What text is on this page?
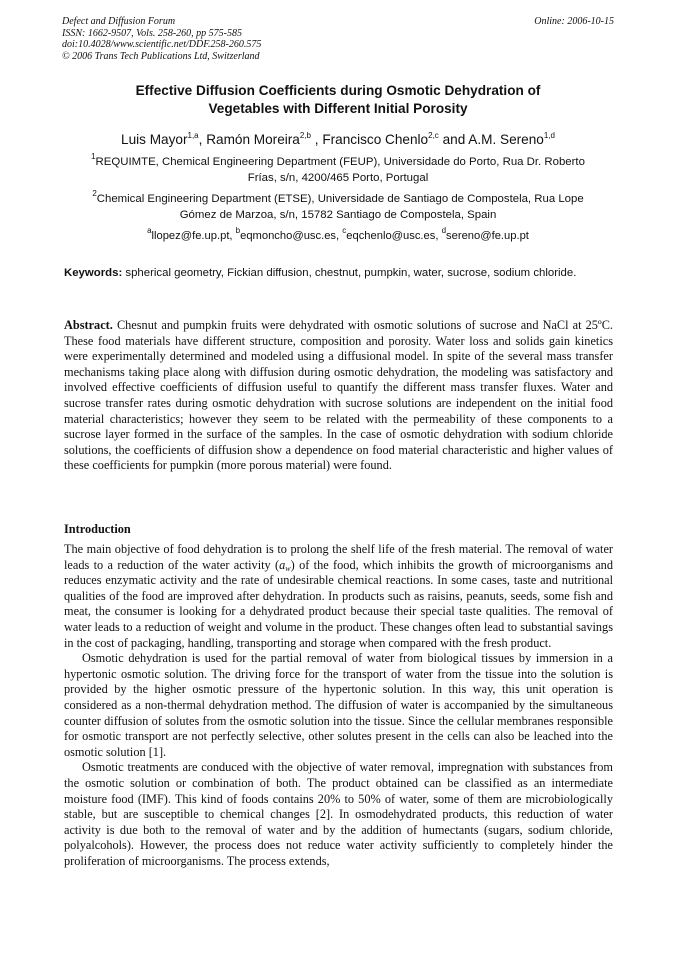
Defect and Diffusion Forum
ISSN: 1662-9507, Vols. 258-260, pp 575-585
doi:10.4028/www.scientific.net/DDF.258-260.575
© 2006 Trans Tech Publications Ltd, Switzerland
Online: 2006-10-15
Effective Diffusion Coefficients during Osmotic Dehydration of
Vegetables with Different Initial Porosity
Luis Mayor$^{1,a}$, Ramón Moreira$^{2,b}$ , Francisco Chenlo$^{2,c}$ and A.M. Sereno$^{1,d}$
$^1$REQUIMTE, Chemical Engineering Department (FEUP), Universidade do Porto, Rua Dr. Roberto
Frías, s/n, 4200/465 Porto, Portugal
$^2$Chemical Engineering Department (ETSE), Universidade de Santiago de Compostela, Rua Lope
Gómez de Marzoa, s/n, 15782 Santiago de Compostela, Spain
$^a$llopez@fe.up.pt, $^b$eqmoncho@usc.es, $^c$eqchenlo@usc.es, $^d$sereno@fe.up.pt
Keywords: spherical geometry, Fickian diffusion, chestnut, pumpkin, water, sucrose, sodium chloride.
Abstract. Chesnut and pumpkin fruits were dehydrated with osmotic solutions of sucrose and NaCl at 25ºC. These food materials have different structure, composition and porosity. Water loss and solids gain kinetics were experimentally determined and modeled using a diffusional model. In spite of the several mass transfer mechanisms taking place along with diffusion during osmotic dehydration, the modeling was satisfactory and involved effective coefficients of diffusion useful to quantify the different mass transfer fluxes. Water and sucrose transfer rates during osmotic dehydration with sucrose solutions are independent on the initial food material characteristics; however they seem to be related with the permeability of these components to a sucrose layer formed in the surface of the samples. In the case of osmotic dehydration with sodium chloride solutions, the coefficients of diffusion show a dependence on food material characteristic and higher values of these coefficients for pumpkin (more porous material) were found.
Introduction

The main objective of food dehydration is to prolong the shelf life of the fresh material. The removal of water leads to a reduction of the water activity $(a_w)$ of the food, which inhibits the growth of microorganisms and reduces enzymatic activity and the rate of undesirable chemical reactions. In some cases, taste and nutritional qualities of the food are improved after dehydration. In products such as raisins, peanuts, seeds, some fish and meat, the consumer is looking for a dehydrated product because their special taste qualities. The removal of water leads to a reduction of weight and volume in the product. These changes often lead to substantial savings in the cost of packaging, handling, transporting and storage when compared with the fresh product.

Osmotic dehydration is used for the partial removal of water from biological tissues by immersion in a hypertonic osmotic solution. The driving force for the transport of water from the tissue into the solution is provided by the higher osmotic pressure of the hypertonic solution. In this way, this unit operation is considered as a non-thermal dehydration method. The diffusion of water is accompanied by the simultaneous counter diffusion of solutes from the osmotic solution into the tissue. Since the cellular membranes responsible for osmotic transport are not perfectly selective, other solutes present in the cells can also be leached into the osmotic solution [1].

Osmotic treatments are conduced with the objective of water removal, impregnation with substances from the osmotic solution or combination of both. The product obtained can be classified as an intermediate moisture food (IMF). This kind of foods contains 20% to 50% of water, some of them are microbiologically stable, but are susceptible to chemical changes [2]. In osmodehydrated products, this reduction of water activity is due both to the removal of water and by the addition of humectants (sugars, sodium chloride, polyalcohols). However, the process does not reduce water activity sufficiently to completely hinder the proliferation of microorganisms. The process extends,
